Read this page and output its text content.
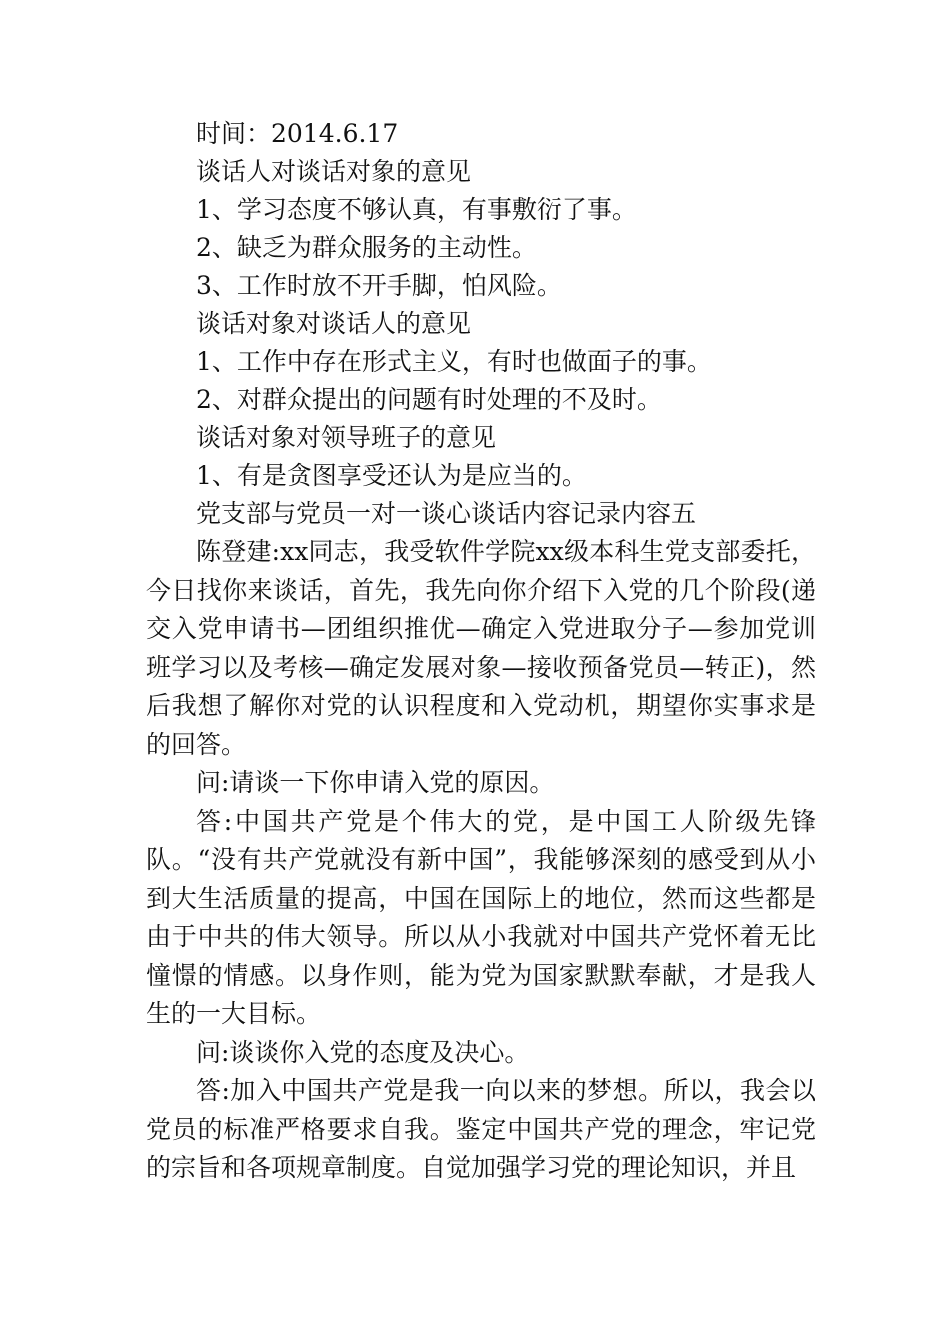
时间：2014.6.17
谈话人对谈话对象的意见
1、学习态度不够认真，有事敷衍了事。
2、缺乏为群众服务的主动性。
3、工作时放不开手脚，怕风险。
谈话对象对谈话人的意见
1、工作中存在形式主义，有时也做面子的事。
2、对群众提出的问题有时处理的不及时。
谈话对象对领导班子的意见
1、有是贪图享受还认为是应当的。
党支部与党员一对一谈心谈话内容记录内容五

陈登建:xx同志，我受软件学院xx级本科生党支部委托，今日找你来谈话，首先，我先向你介绍下入党的几个阶段(递交入党申请书—团组织推优—确定入党进取分子—参加党训班学习以及考核—确定发展对象—接收预备党员—转正)，然后我想了解你对党的认识程度和入党动机，期望你实事求是的回答。

问:请谈一下你申请入党的原因。

答:中国共产党是个伟大的党，是中国工人阶级先锋队。“没有共产党就没有新中国”，我能够深刻的感受到从小到大生活质量的提高，中国在国际上的地位，然而这些都是由于中共的伟大领导。所以从小我就对中国共产党怀着无比憧憬的情感。以身作则，能为党为国家默默奉献，才是我人生的一大目标。

问:谈谈你入党的态度及决心。

答:加入中国共产党是我一向以来的梦想。所以，我会以党员的标准严格要求自我。鉴定中国共产党的理念，牢记党的宗旨和各项规章制度。自觉加强学习党的理论知识，并且
